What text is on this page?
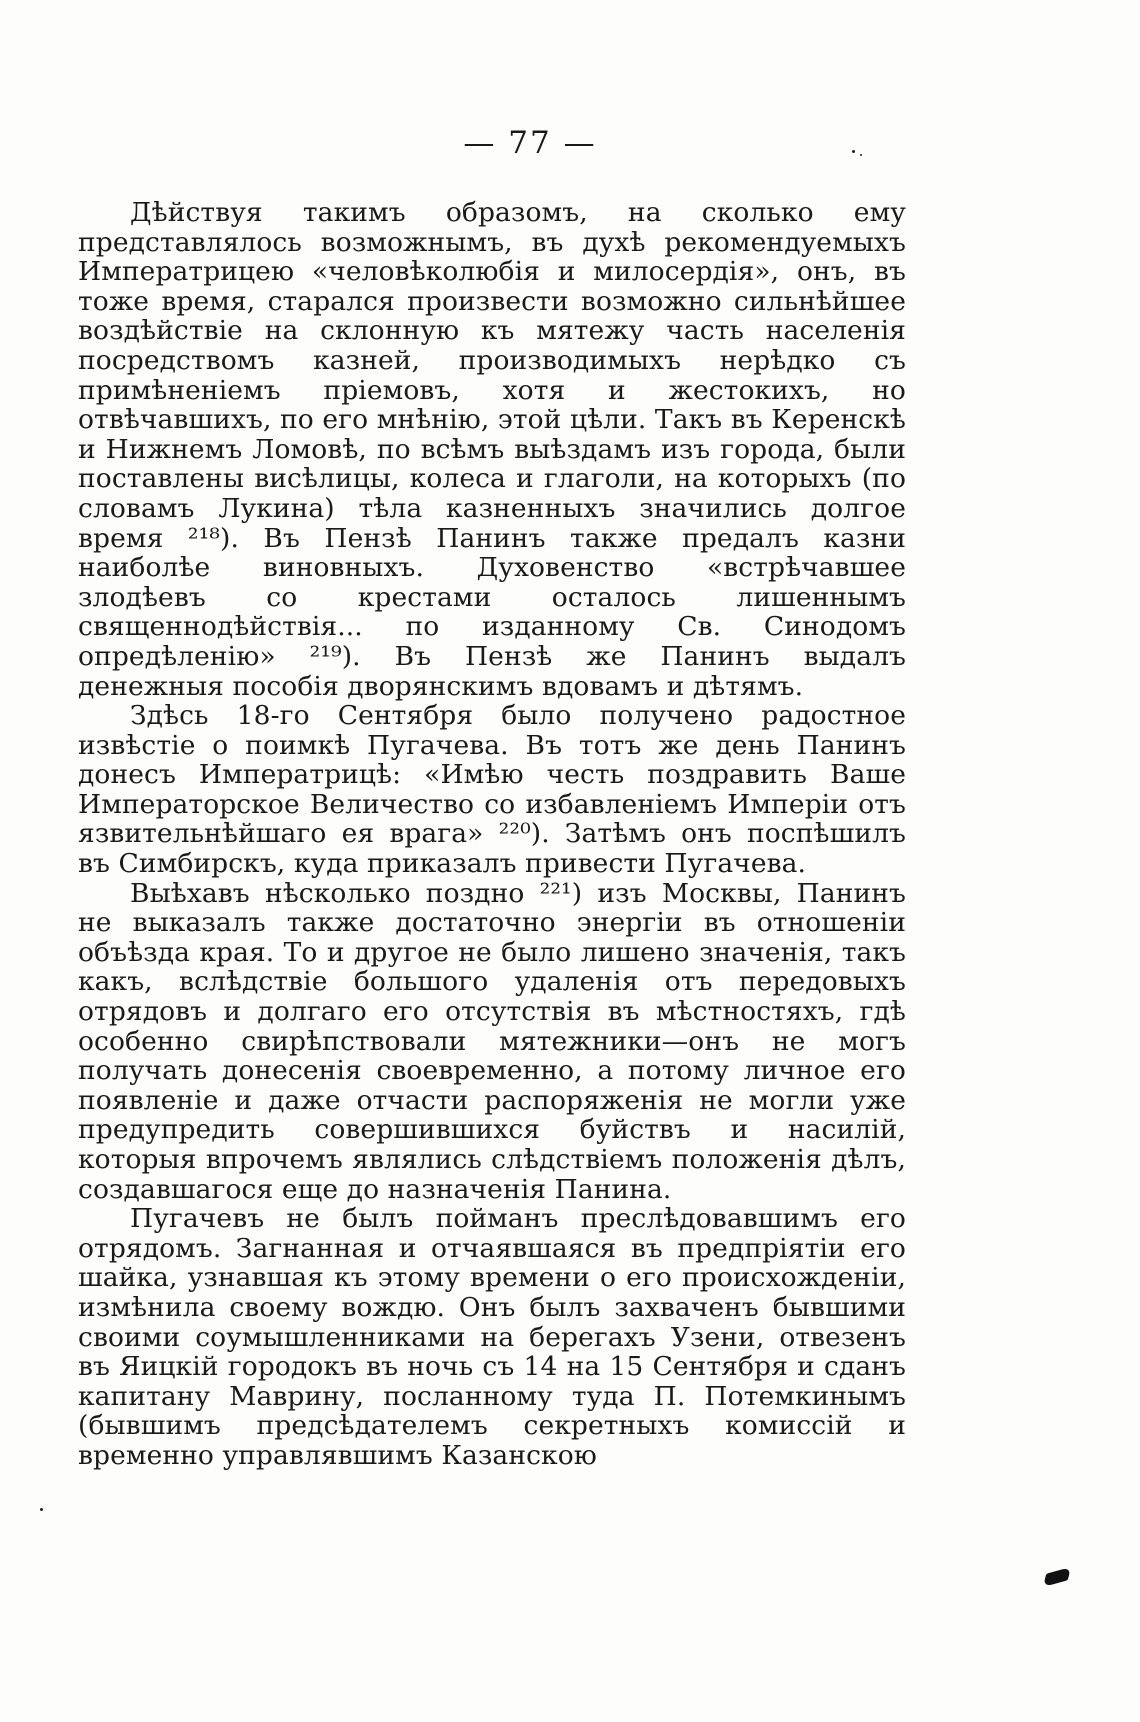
— 77 —

Дѣйствуя такимъ образомъ, на сколько ему представлялось возможнымъ, въ духѣ рекомендуемыхъ Императрицею «человѣколюбія и милосердія», онъ, въ тоже время, старался произвести возможно сильнѣйшее воздѣйствіе на склонную къ мятежу часть населенія посредствомъ казней, производимыхъ нерѣдко съ примѣненіемъ пріемовъ, хотя и жестокихъ, но отвѣчавшихъ, по его мнѣнію, этой цѣли. Такъ въ Керенскѣ и Нижнемъ Ломовѣ, по всѣмъ выѣздамъ изъ города, были поставлены висѣлицы, колеса и глаголи, на которыхъ (по словамъ Лукина) тѣла казненныхъ значились долгое время ²¹⁸). Въ Пензѣ Панинъ также предалъ казни наиболѣе виновныхъ. Духовенство «встрѣчавшее злодѣевъ со крестами осталось лишеннымъ священнодѣйствія... по изданному Св. Синодомъ опредѣленію» ²¹⁹). Въ Пензѣ же Панинъ выдалъ денежныя пособія дворянскимъ вдовамъ и дѣтямъ.

Здѣсь 18-го Сентября было получено радостное извѣстіе о поимкѣ Пугачева. Въ тотъ же день Панинъ донесъ Императрицѣ: «Имѣю честь поздравить Ваше Императорское Величество со избавленіемъ Имперіи отъ язвительнѣйшаго ея врага» ²²⁰). Затѣмъ онъ поспѣшилъ въ Симбирскъ, куда приказалъ привести Пугачева.

Выѣхавъ нѣсколько поздно ²²¹) изъ Москвы, Панинъ не выказалъ также достаточно энергіи въ отношеніи объѣзда края. То и другое не было лишено значенія, такъ какъ, вслѣдствіе большого удаленія отъ передовыхъ отрядовъ и долгаго его отсутствія въ мѣстностяхъ, гдѣ особенно свирѣпствовали мятежники—онъ не могъ получать донесенія своевременно, а потому личное его появленіе и даже отчасти распоряженія не могли уже предупредить совершившихся буйствъ и насилій, которыя впрочемъ являлись слѣдствіемъ положенія дѣлъ, создавшагося еще до назначенія Панина.

Пугачевъ не былъ пойманъ преслѣдовавшимъ его отрядомъ. Загнанная и отчаявшаяся въ предпріятіи его шайка, узнавшая къ этому времени о его происхожденіи, измѣнила своему вождю. Онъ былъ захваченъ бывшими своими соумышленниками на берегахъ Узени, отвезенъ въ Яицкій городокъ въ ночь съ 14 на 15 Сентября и сданъ капитану Маврину, посланному туда П. Потемкинымъ (бывшимъ предсѣдателемъ секретныхъ комиссій и временно управлявшимъ Казанскою
